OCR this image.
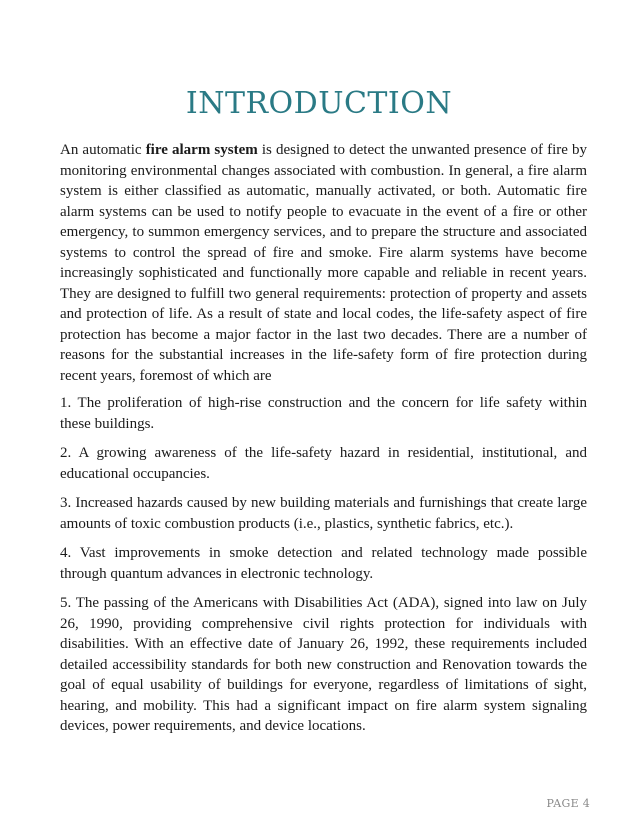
INTRODUCTION

An automatic fire alarm system is designed to detect the unwanted presence of fire by monitoring environmental changes associated with combustion. In general, a fire alarm system is either classified as automatic, manually activated, or both. Automatic fire alarm systems can be used to notify people to evacuate in the event of a fire or other emergency, to summon emergency services, and to prepare the structure and associated systems to control the spread of fire and smoke. Fire alarm systems have become increasingly sophisticated and functionally more capable and reliable in recent years. They are designed to fulfill two general requirements: protection of property and assets and protection of life. As a result of state and local codes, the life-safety aspect of fire protection has become a major factor in the last two decades. There are a number of reasons for the substantial increases in the life-safety form of fire protection during recent years, foremost of which are

1. The proliferation of high-rise construction and the concern for life safety within these buildings.

2. A growing awareness of the life-safety hazard in residential, institutional, and educational occupancies.

3. Increased hazards caused by new building materials and furnishings that create large amounts of toxic combustion products (i.e., plastics, synthetic fabrics, etc.).

4. Vast improvements in smoke detection and related technology made possible through quantum advances in electronic technology.

5. The passing of the Americans with Disabilities Act (ADA), signed into law on July 26, 1990, providing comprehensive civil rights protection for individuals with disabilities. With an effective date of January 26, 1992, these requirements included detailed accessibility standards for both new construction and Renovation towards the goal of equal usability of buildings for everyone, regardless of limitations of sight, hearing, and mobility. This had a significant impact on fire alarm system signaling devices, power requirements, and device locations.

PAGE 4
